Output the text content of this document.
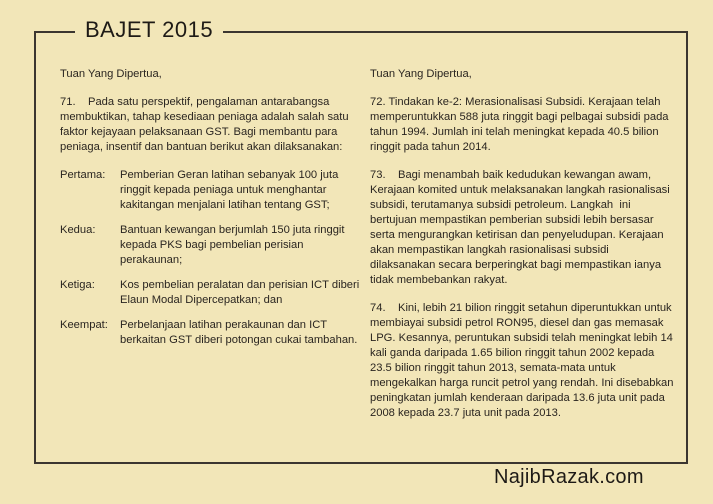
BAJET 2015
Tuan Yang Dipertua,
71.    Pada satu perspektif, pengalaman antarabangsa membuktikan, tahap kesediaan peniaga adalah salah satu faktor kejayaan pelaksanaan GST. Bagi membantu para peniaga, insentif dan bantuan berikut akan dilaksanakan:
Pertama:	Pemberian Geran latihan sebanyak 100 juta ringgit kepada peniaga untuk menghantar kakitangan menjalani latihan tentang GST;
Kedua:	Bantuan kewangan berjumlah 150 juta ringgit kepada PKS bagi pembelian perisian perakaunan;
Ketiga:	Kos pembelian peralatan dan perisian ICT diberi Elaun Modal Dipercepatkan; dan
Keempat:	Perbelanjaan latihan perakaunan dan ICT berkaitan GST diberi potongan cukai tambahan.
Tuan Yang Dipertua,
72. Tindakan ke-2: Merasionalisasi Subsidi. Kerajaan telah memperuntukkan 588 juta ringgit bagi pelbagai subsidi pada tahun 1994. Jumlah ini telah meningkat kepada 40.5 bilion ringgit pada tahun 2014.
73.    Bagi menambah baik kedudukan kewangan awam, Kerajaan komited untuk melaksanakan langkah rasionalisasi subsidi, terutamanya subsidi petroleum. Langkah  ini bertujuan mempastikan pemberian subsidi lebih bersasar serta mengurangkan ketirisan dan penyeludupan. Kerajaan akan mempastikan langkah rasionalisasi subsidi dilaksanakan secara berperingkat bagi mempastikan ianya tidak membebankan rakyat.
74.    Kini, lebih 21 bilion ringgit setahun diperuntukkan untuk membiayai subsidi petrol RON95, diesel dan gas memasak LPG. Kesannya, peruntukan subsidi telah meningkat lebih 14 kali ganda daripada 1.65 bilion ringgit tahun 2002 kepada 23.5 bilion ringgit tahun 2013, semata-mata untuk mengekalkan harga runcit petrol yang rendah. Ini disebabkan peningkatan jumlah kenderaan daripada 13.6 juta unit pada 2008 kepada 23.7 juta unit pada 2013.
NajibRazak.com
